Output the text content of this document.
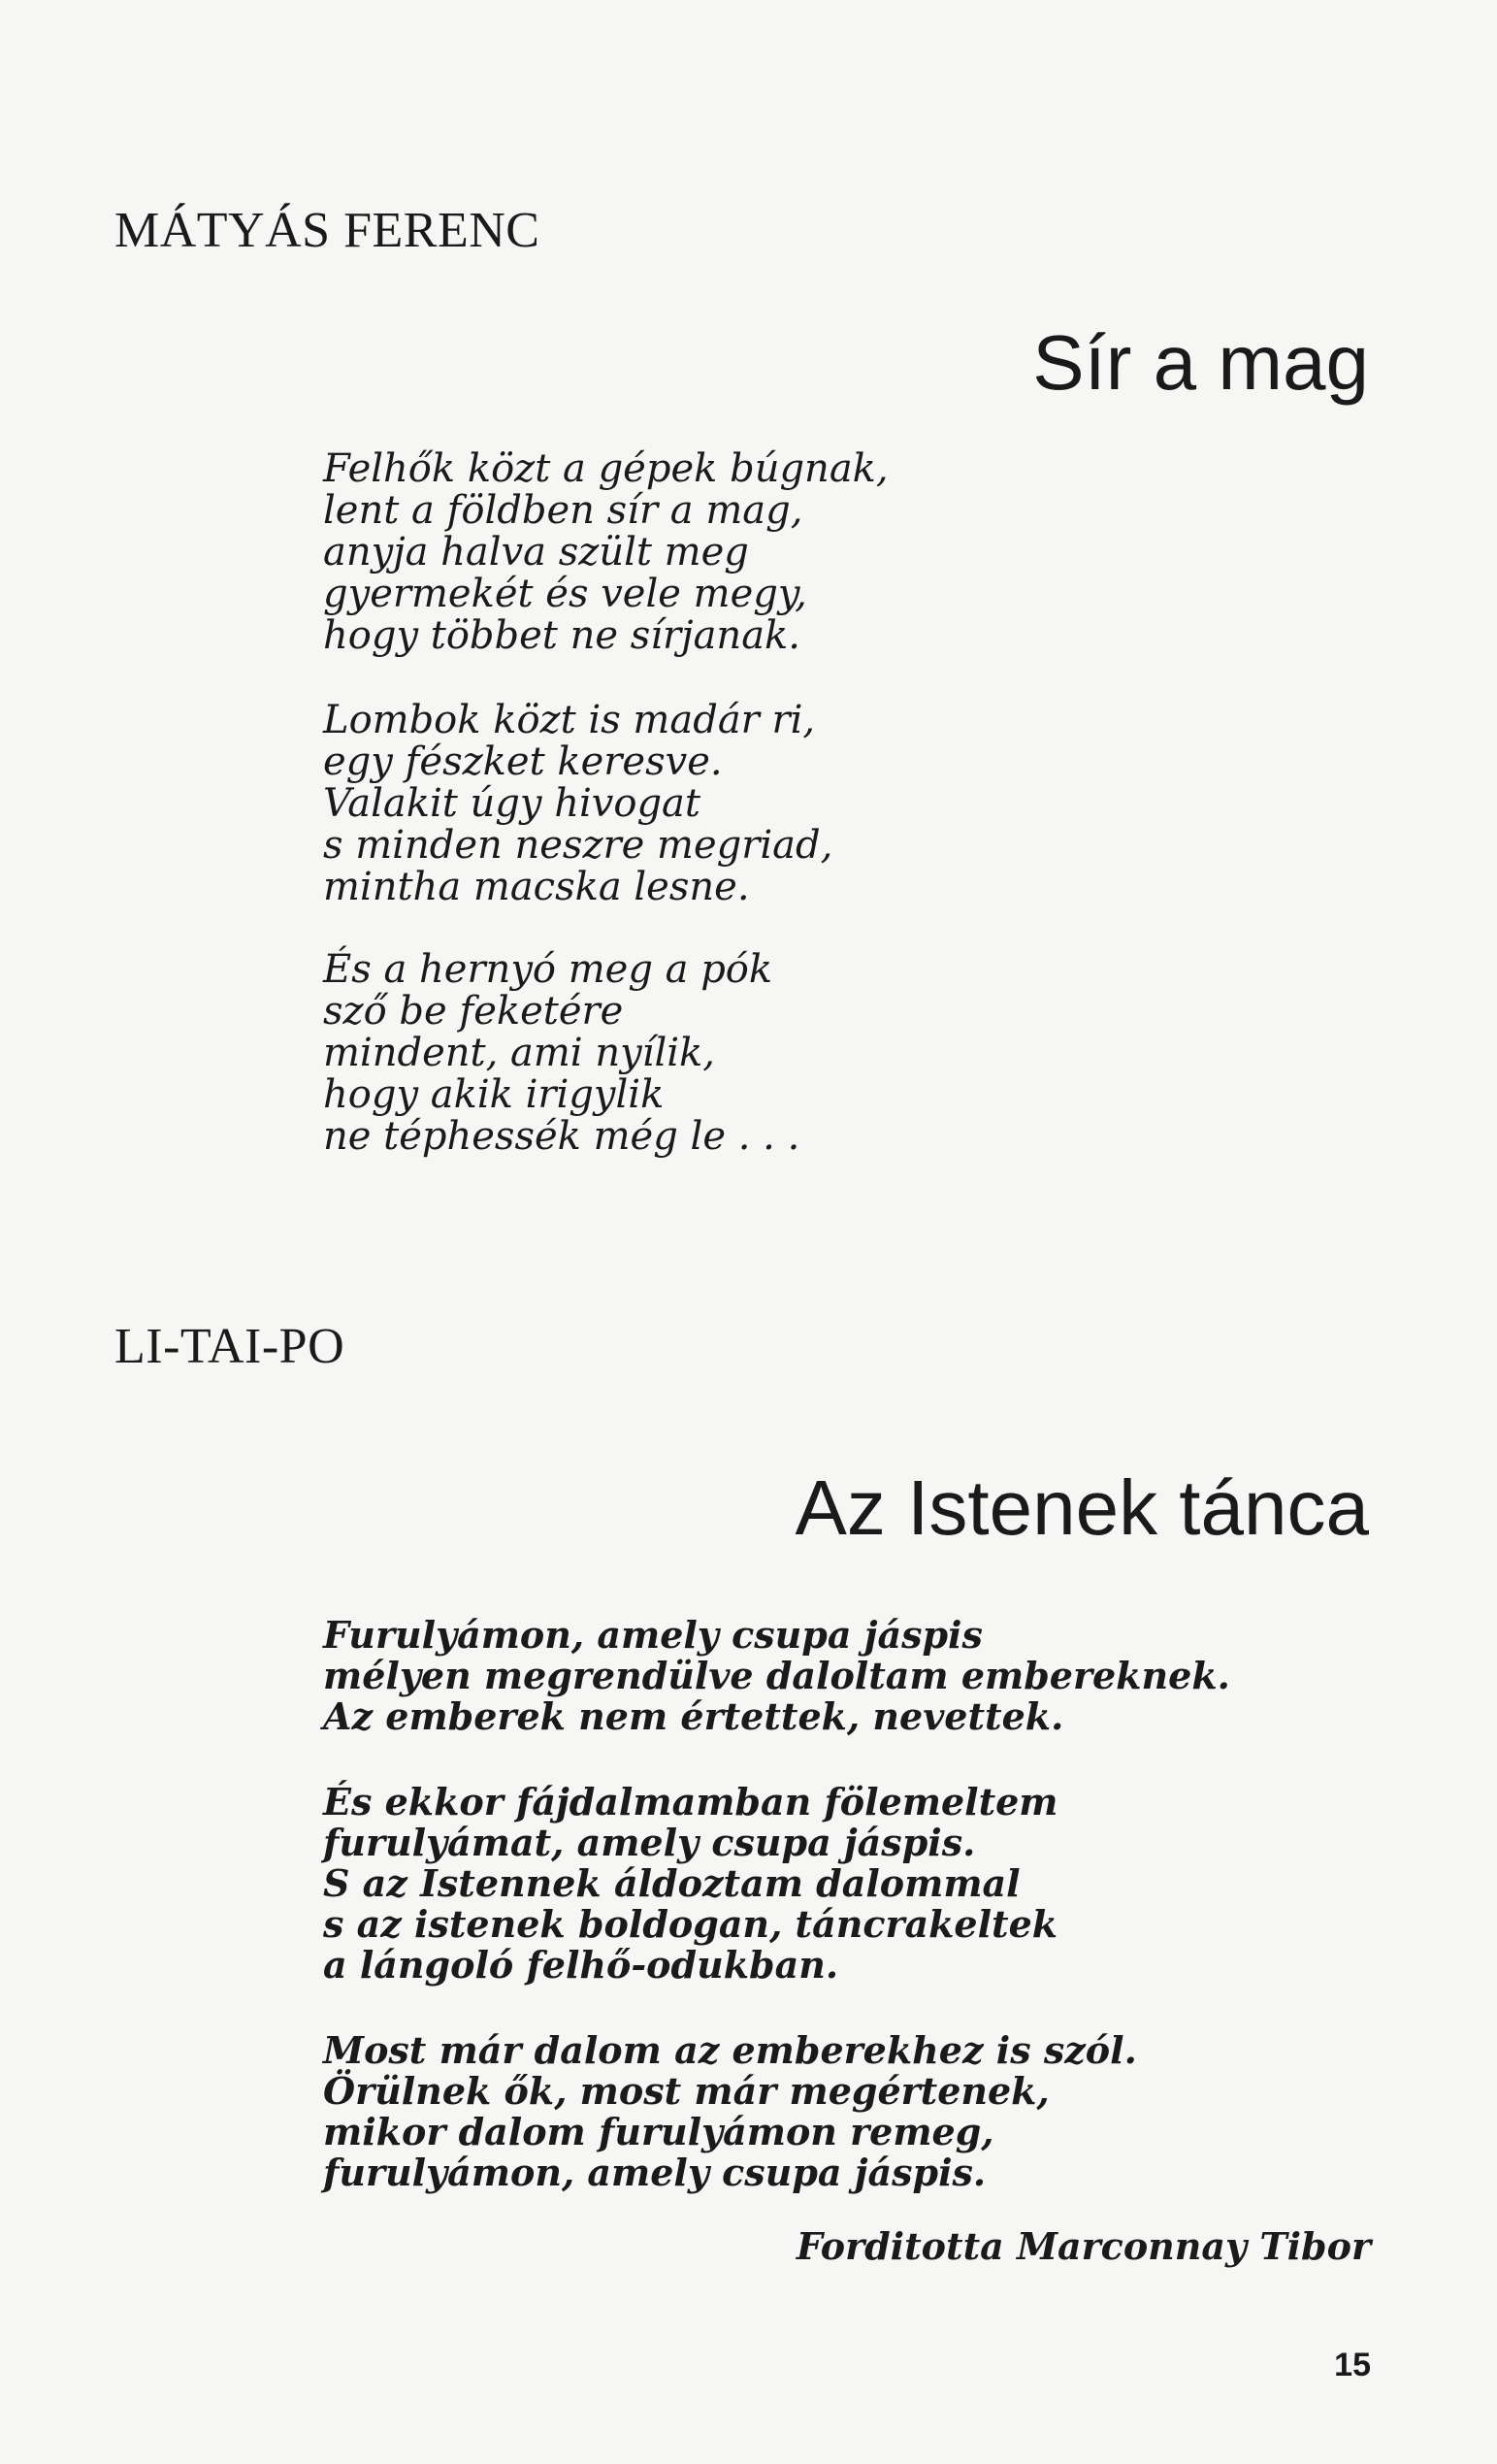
MÁTYÁS FERENC
Sír a mag
Felhők közt a gépek búgnak,
lent a földben sír a mag,
anyja halva szült meg
gyermekét és vele megy,
hogy többet ne sírjanak.
Lombok közt is madár ri,
egy fészket keresve.
Valakit úgy hivogat
s minden neszre megriad,
mintha macska lesne.
És a hernyó meg a pók
sző be feketére
mindent, ami nyílik,
hogy akik irigylik
ne téphessék még le . . .
LI-TAI-PO
Az Istenek tánca
Furulyámon, amely csupa jáspis
mélyen megrendülve daloltam embereknek.
Az emberek nem értettek, nevettek.
És ekkor fájdalmamban fölemeltem
furulyámat, amely csupa jáspis.
S az Istennek áldoztam dalommal
s az istenek boldogan, táncrakeltek
a lángoló felhő-odukban.
Most már dalom az emberekhez is szól.
Örülnek ők, most már megértenek,
mikor dalom furulyámon remeg,
furulyámon, amely csupa jáspis.
Forditotta Marconnay Tibor
15
